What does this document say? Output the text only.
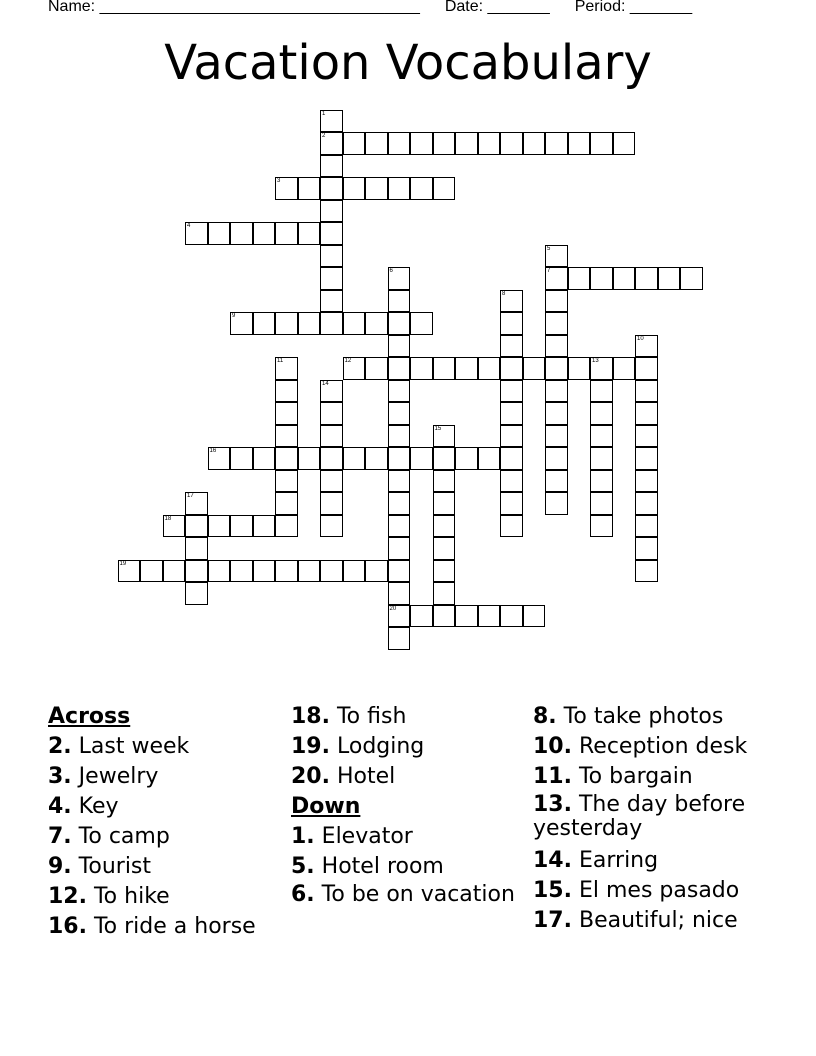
Name: ____________________________________ Date: _______ Period: _______
Vacation Vocabulary
1
2
3
4
5
7
6
20
8
9
10
11	12	13
14
15
16
17
18
19
Across
2. Last week
3. Jewelry
4. Key
7. To camp
9. Tourist
12. To hike
16. To ride a horse
18. To fish
19. Lodging
20. Hotel
Down
1. Elevator
5. Hotel room
6. To be on vacation
8. To take photos
10. Reception desk
11. To bargain
13. The day before yesterday
14. Earring
15. El mes pasado
17. Beautiful; nice
